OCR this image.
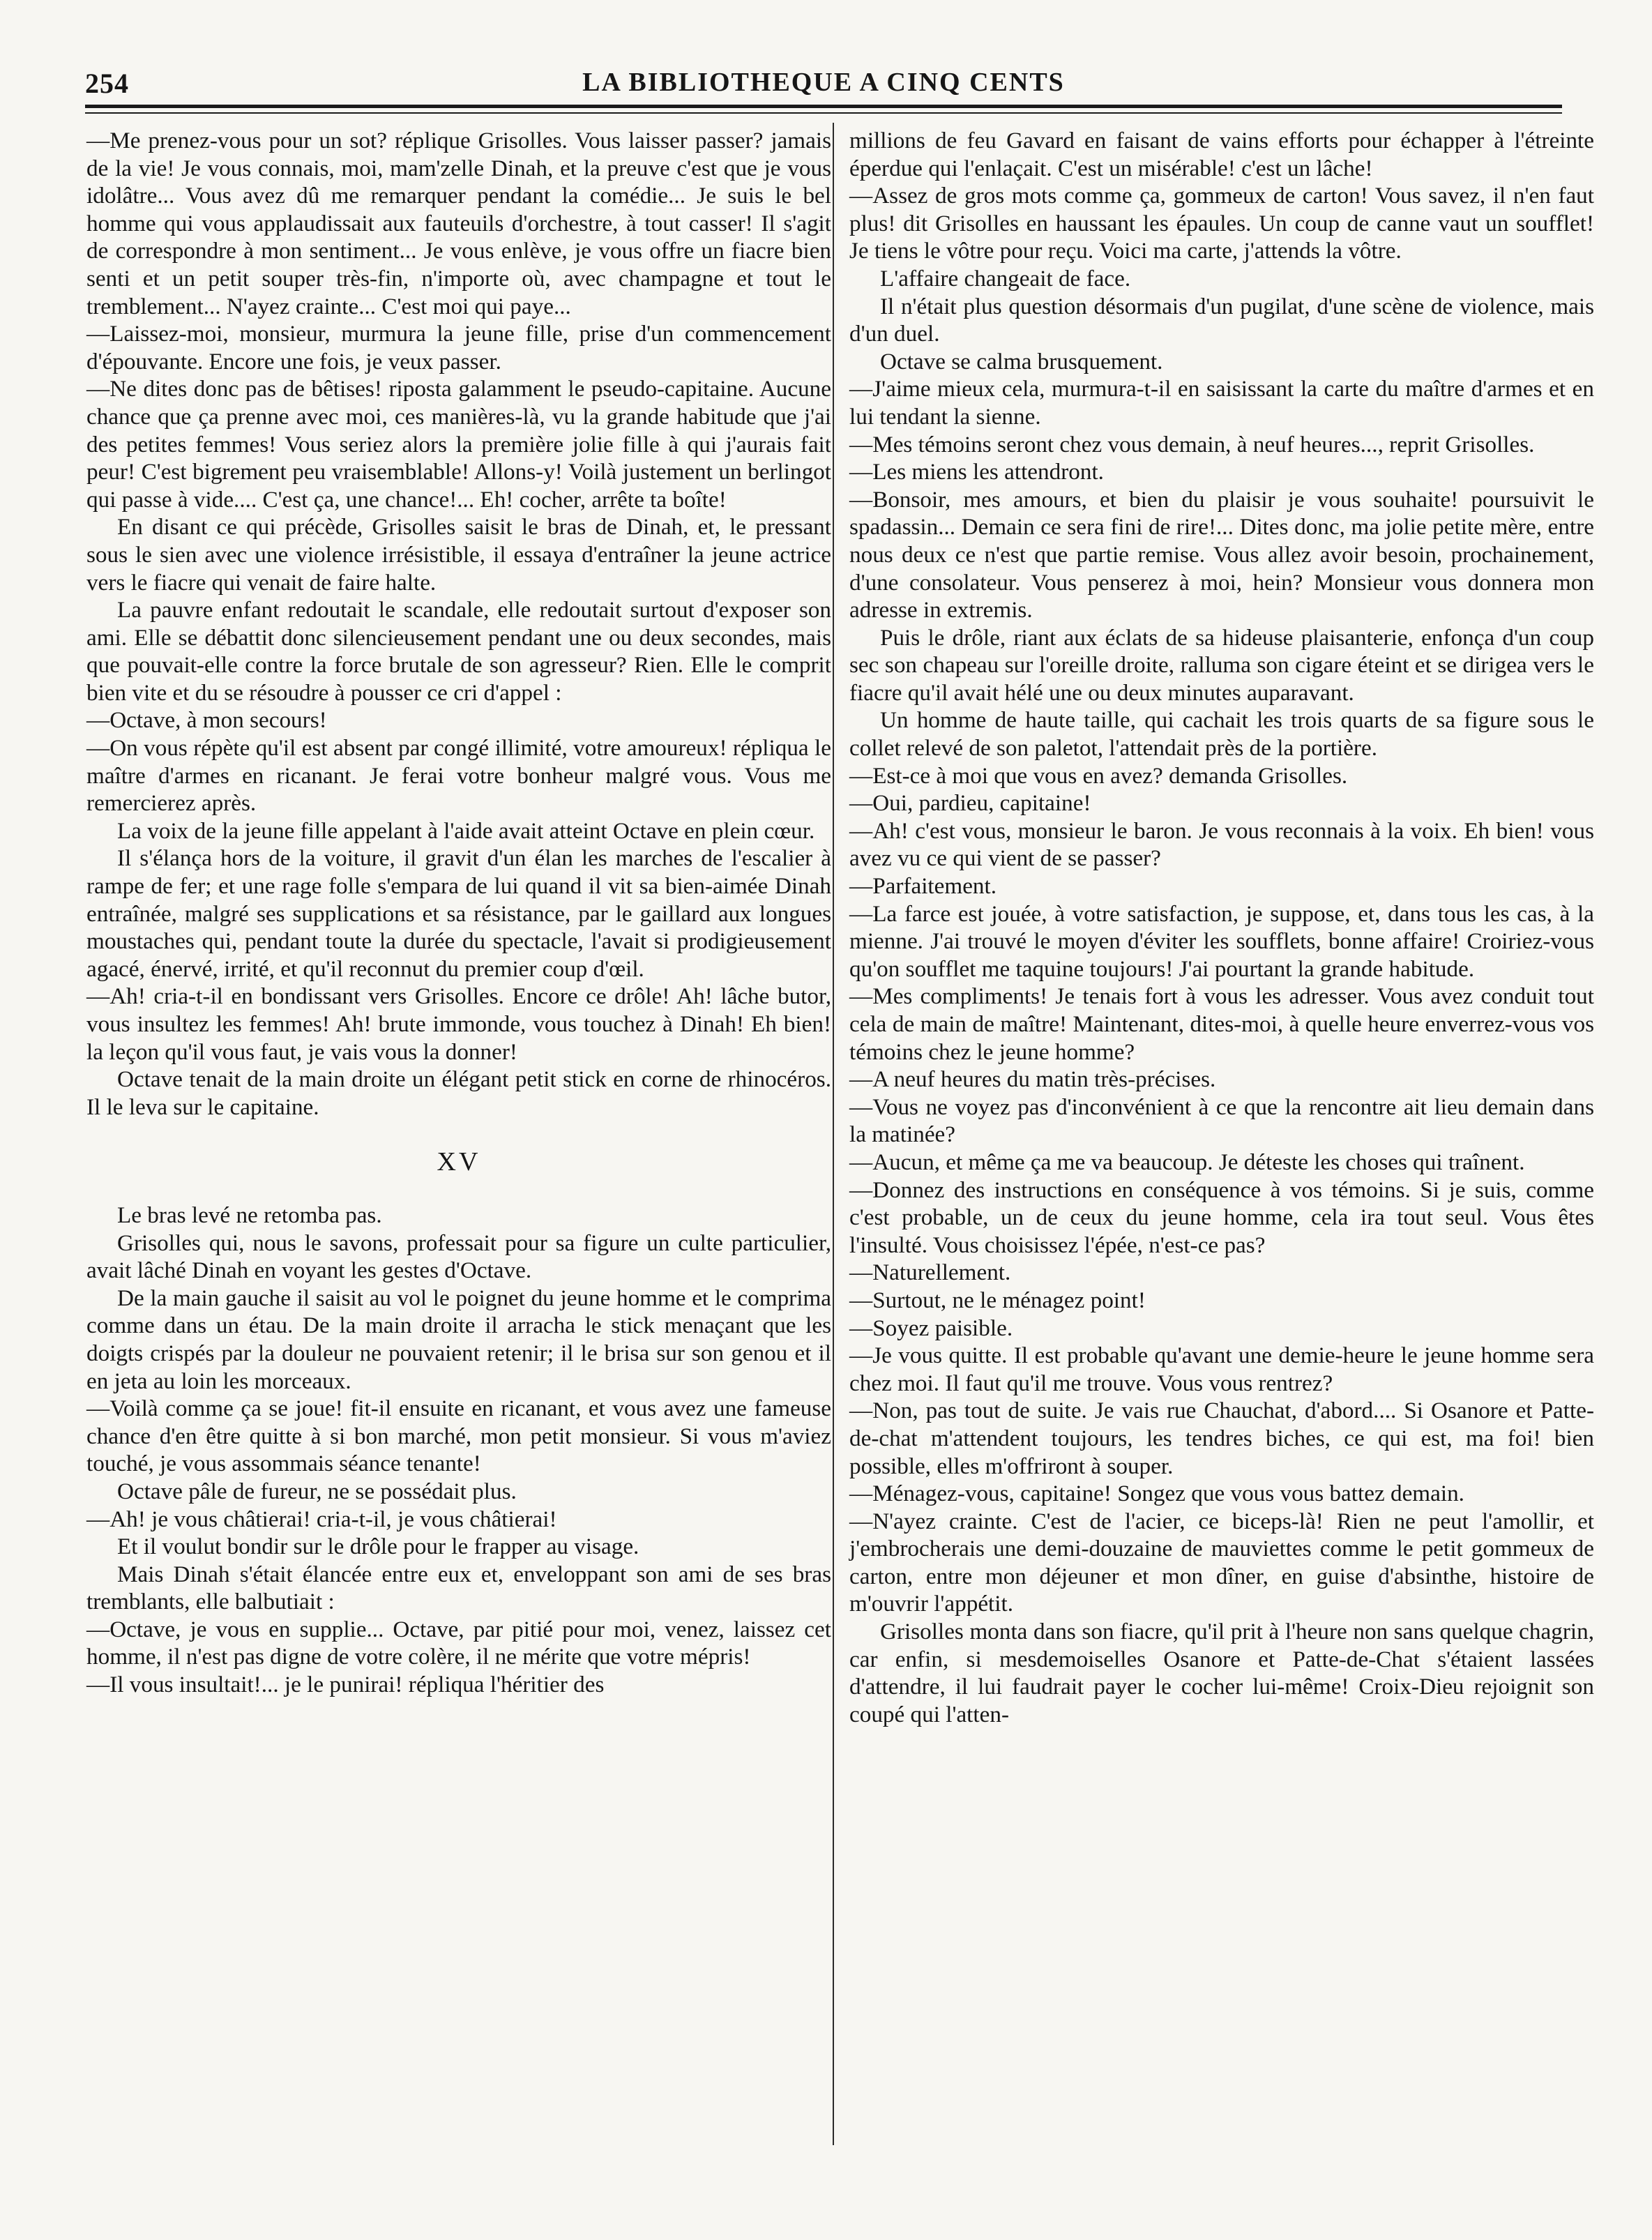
254	LA BIBLIOTHEQUE A CINQ CENTS

—Me prenez-vous pour un sot? réplique Grisolles. Vous laisser passer? jamais de la vie! Je vous connais, moi, mam'zelle Dinah, et la preuve c'est que je vous idolâtre... Vous avez dû me remarquer pendant la comédie... Je suis le bel homme qui vous applaudissait aux fauteuils d'orchestre, à tout casser! Il s'agit de correspondre à mon sentiment... Je vous enlève, je vous offre un fiacre bien senti et un petit souper très-fin, n'importe où, avec champagne et tout le tremblement... N'ayez crainte... C'est moi qui paye...

—Laissez-moi, monsieur, murmura la jeune fille, prise d'un commencement d'épouvante. Encore une fois, je veux passer.

—Ne dites donc pas de bêtises! riposta galamment le pseudo-capitaine. Aucune chance que ça prenne avec moi, ces manières-là, vu la grande habitude que j'ai des petites femmes! Vous seriez alors la première jolie fille à qui j'aurais fait peur! C'est bigrement peu vraisemblable! Allons-y! Voilà justement un berlingot qui passe à vide.... C'est ça, une chance!... Eh! cocher, arrête ta boîte!

En disant ce qui précède, Grisolles saisit le bras de Dinah, et, le pressant sous le sien avec une violence irrésistible, il essaya d'entraîner la jeune actrice vers le fiacre qui venait de faire halte.

La pauvre enfant redoutait le scandale, elle redoutait surtout d'exposer son ami. Elle se débattit donc silencieusement pendant une ou deux secondes, mais que pouvait-elle contre la force brutale de son agresseur? Rien. Elle le comprit bien vite et du se résoudre à pousser ce cri d'appel :

—Octave, à mon secours!

—On vous répète qu'il est absent par congé illimité, votre amoureux! répliqua le maître d'armes en ricanant. Je ferai votre bonheur malgré vous. Vous me remercierez après.

La voix de la jeune fille appelant à l'aide avait atteint Octave en plein cœur.

Il s'élança hors de la voiture, il gravit d'un élan les marches de l'escalier à rampe de fer; et une rage folle s'empara de lui quand il vit sa bien-aimée Dinah entraînée, malgré ses supplications et sa résistance, par le gaillard aux longues moustaches qui, pendant toute la durée du spectacle, l'avait si prodigieusement agacé, énervé, irrité, et qu'il reconnut du premier coup d'œil.

—Ah! cria-t-il en bondissant vers Grisolles. Encore ce drôle! Ah! lâche butor, vous insultez les femmes! Ah! brute immonde, vous touchez à Dinah! Eh bien! la leçon qu'il vous faut, je vais vous la donner!

Octave tenait de la main droite un élégant petit stick en corne de rhinocéros. Il le leva sur le capitaine.

XV

Le bras levé ne retomba pas.

Grisolles qui, nous le savons, professait pour sa figure un culte particulier, avait lâché Dinah en voyant les gestes d'Octave.

De la main gauche il saisit au vol le poignet du jeune homme et le comprima comme dans un étau. De la main droite il arracha le stick menaçant que les doigts crispés par la douleur ne pouvaient retenir; il le brisa sur son genou et il en jeta au loin les morceaux.

—Voilà comme ça se joue! fit-il ensuite en ricanant, et vous avez une fameuse chance d'en être quitte à si bon marché, mon petit monsieur. Si vous m'aviez touché, je vous assommais séance tenante!

Octave pâle de fureur, ne se possédait plus.

—Ah! je vous châtierai! cria-t-il, je vous châtierai!

Et il voulut bondir sur le drôle pour le frapper au visage.

Mais Dinah s'était élancée entre eux et, enveloppant son ami de ses bras tremblants, elle balbutiait :

—Octave, je vous en supplie... Octave, par pitié pour moi, venez, laissez cet homme, il n'est pas digne de votre colère, il ne mérite que votre mépris!

—Il vous insultait!... je le punirai! répliqua l'héritier des

millions de feu Gavard en faisant de vains efforts pour échapper à l'étreinte éperdue qui l'enlaçait. C'est un misérable! c'est un lâche!

—Assez de gros mots comme ça, gommeux de carton! Vous savez, il n'en faut plus! dit Grisolles en haussant les épaules. Un coup de canne vaut un soufflet! Je tiens le vôtre pour reçu. Voici ma carte, j'attends la vôtre.

L'affaire changeait de face.

Il n'était plus question désormais d'un pugilat, d'une scène de violence, mais d'un duel.

Octave se calma brusquement.

—J'aime mieux cela, murmura-t-il en saisissant la carte du maître d'armes et en lui tendant la sienne.

—Mes témoins seront chez vous demain, à neuf heures..., reprit Grisolles.

—Les miens les attendront.

—Bonsoir, mes amours, et bien du plaisir je vous souhaite! poursuivit le spadassin... Demain ce sera fini de rire!... Dites donc, ma jolie petite mère, entre nous deux ce n'est que partie remise. Vous allez avoir besoin, prochainement, d'une consolateur. Vous penserez à moi, hein? Monsieur vous donnera mon adresse in extremis.

Puis le drôle, riant aux éclats de sa hideuse plaisanterie, enfonça d'un coup sec son chapeau sur l'oreille droite, ralluma son cigare éteint et se dirigea vers le fiacre qu'il avait hélé une ou deux minutes auparavant.

Un homme de haute taille, qui cachait les trois quarts de sa figure sous le collet relevé de son paletot, l'attendait près de la portière.

—Est-ce à moi que vous en avez? demanda Grisolles.

—Oui, pardieu, capitaine!

—Ah! c'est vous, monsieur le baron. Je vous reconnais à la voix. Eh bien! vous avez vu ce qui vient de se passer?

—Parfaitement.

—La farce est jouée, à votre satisfaction, je suppose, et, dans tous les cas, à la mienne. J'ai trouvé le moyen d'éviter les soufflets, bonne affaire! Croiriez-vous qu'on soufflet me taquine toujours! J'ai pourtant la grande habitude.

—Mes compliments! Je tenais fort à vous les adresser. Vous avez conduit tout cela de main de maître! Maintenant, dites-moi, à quelle heure enverrez-vous vos témoins chez le jeune homme?

—A neuf heures du matin très-précises.

—Vous ne voyez pas d'inconvénient à ce que la rencontre ait lieu demain dans la matinée?

—Aucun, et même ça me va beaucoup. Je déteste les choses qui traînent.

—Donnez des instructions en conséquence à vos témoins. Si je suis, comme c'est probable, un de ceux du jeune homme, cela ira tout seul. Vous êtes l'insulté. Vous choisissez l'épée, n'est-ce pas?

—Naturellement.

—Surtout, ne le ménagez point!

—Soyez paisible.

—Je vous quitte. Il est probable qu'avant une demie-heure le jeune homme sera chez moi. Il faut qu'il me trouve. Vous vous rentrez?

—Non, pas tout de suite. Je vais rue Chauchat, d'abord.... Si Osanore et Patte-de-chat m'attendent toujours, les tendres biches, ce qui est, ma foi! bien possible, elles m'offriront à souper.

—Ménagez-vous, capitaine! Songez que vous vous battez demain.

—N'ayez crainte. C'est de l'acier, ce biceps-là! Rien ne peut l'amollir, et j'embrocherais une demi-douzaine de mauviettes comme le petit gommeux de carton, entre mon déjeuner et mon dîner, en guise d'absinthe, histoire de m'ouvrir l'appétit.

Grisolles monta dans son fiacre, qu'il prit à l'heure non sans quelque chagrin, car enfin, si mesdemoiselles Osanore et Patte-de-Chat s'étaient lassées d'attendre, il lui faudrait payer le cocher lui-même! Croix-Dieu rejoignit son coupé qui l'atten-
